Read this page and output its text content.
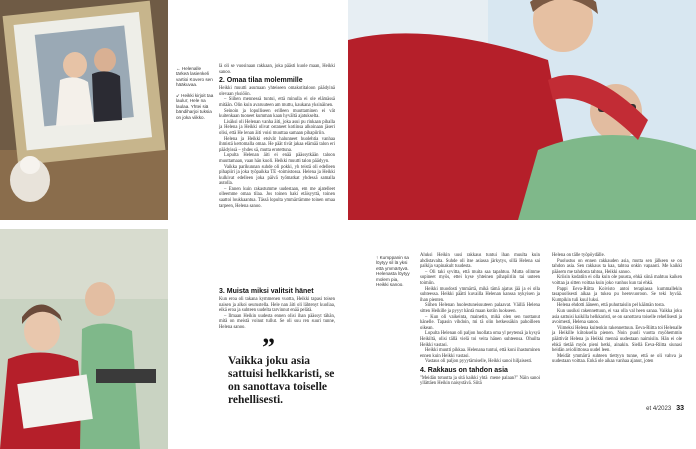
← Helenalle tärkeä lasienkeli vartioi Kovero sen hääkuvaa.
↙ Heikki kirjoit taa lauluт, Hele na laulaa. Yhtei siä bändiharjoi tuksia on joka viikko.
↑ Kumppanin sa löytyy sil lä yksi että ymmärtyvä. Helenasta löytyy molem pia, Heikki sanoo.

lä oli se vuosinaan rakkaan, joka päästi kuole maan, Heikki sanoo.

2. Omaa tilaa molemmille

Heikki muutti asumaan yhteiseen omakotitaloon päädyinä olevaan yksiöön.

– Siihen mennessä tuntui, että minulla ei ole elämässä mitään. Olin kuin avaruuteen am muttu, kaukana yksinäinen.

Seinoin ja lopulliseen erilleen muuttaminen ei vät kuitenkaan tuoneet kumman kaan hyvältä ajatukselta.

Lisäksi oli Helenan vanha äiti, joka asui pu rinkaan pihalla ja Helena ja Heikki olivat ostaneet kotiinsa alkoinaan jäseri olisi, että He lenan äiti voisi muuttaa samaan pihapiiriin.

Helena ja Heikki etsivät halunneet huolehtia vanhaa ihmistä kertomalla omaa. He päät tivät jakaa elämää talon eri päädyissä – yhdes sä, mutta erotettuna.

Lopulta Helenan äiti ei enää päässytkään taloon muuttamaan, vaan hän kuoli. Heikki muutti talon päädyyn.

Vaikka parikunnan suhde oli pokki, yh teistä oli edelleen pihapiiri ja joka työpaikka TE -toimistossa. Helena ja Heikki kulkivat edelleen joka päivä työmatkat yhdessä samalla autolla.

– Ennen kuin rakastumme uudestaan, em me ajatelleet olleemme omaa tilaa. Jos toinen haki etäisyyttä, toinen saattoi loukkaantua. Tässä lopulta ymmärrämme toinen omaa tarpeen, Helena sanoo.

3. Muista miksi valitsit hänet

Kun eroa oli takana kymmenen vuotta, Heikki tapasi toisen naisen ja alkoi seurustella. Hele nan äiti oli lähtenyt kuoliaa, eikä eroa ja suhteen uudelta tarvinnut enää pelätä.

– Ilmaan Heikin uudesta ennen olisi ihan päässyt tähän, mitä on meistä voinut tullut. Se oli suu ren suuri tunne, Helena sanoo.

”
Vaikka joku asia sattuisi helkkaristi, se on sanottava toiselle rehellisesti.

Aluksi Heikin uusi rakkaus tuntui ihan muulta kuin ahdistavalta. Suhde oli itse asiassa järkytys, sillä Helena sai palkija vapinakult tuudesta.

– Oli taki syvitta, että muita saa tapahtuu. Mutta olimme sopineet myös, ettei kyse yhteinen pihapiiriin tai uuteen toimiin.

Heikki muodosti ymmärtä, mikä tämä ajatus jää ja ei olla suhteessa. Heikki päätti kuvailla Helenan kanssa nykyisen ja ihan pienten.

Siihen Helenan huolestuneisuuteen palaavat. Väillä Helena sitten Heikille ja pyyyt häntä maan kotiin luokseen.

– Kun oli vaikeinta, mainetin, mikä olen sen tuottanut hänelle. Tapasin vihdoin, mi tä olin hetkessäkin pahoilleen oikean.

Lopulta Helenan oli paljon huollata oma yl peytensä ja kysyä Heikiltä, olisi tällä vielä toi veita hänen suhteensa. Ohuilta Heikki vastasi.

Heikki muutti pikkaa. Helenana tuntui, että koni ihastuminen ennen kuin Heikki vastasi.

Vastaus oli paljon pyyytämiselle, Heikki sanoi hiljaisesti.

4. Rakkaus on tahdon asia

"Meidän totuutta ja sitä kaikki yhtä mene palaan?" Näin sanoi yllättäen Heikin naisystävä. Siitä

Helena on tälle työpöydälle.

Puolustus on ennen rakkauden asia, mutta sen jälkeen se on tahdon asia. Sen rakkaus ta kaa, tahtoa onkin vapaasti. Me kaikki pääsem me tahdosta tahtoa, Heikki sanoo.

Kriisin kodatiin ei olla kuin ole puusta, ehkä siinä mahtuu kaiken voittaa ja sitten voittaa kuin joko vanhus kun tai ehkä.

Pappi Eeva-Riitta Koivisto antoi terapiassa kummallekin tasapuolisesti aikaa ja tukea pu heenvuoroon. Se teki hyvää. Kumpikin tuli kuul luksi.

Helena ehdotti ääneen, että puhuttaisiin pel käämän tosta.

Kun uusiksi rakennettuun, ei vaa olla val heen sanaa. Vaikka joku asia sattuisi kaikilla helkkaristi, se on sanottava toiselle rehellisesti ja avoimesti, Helena sanoo.

Viimeksi Helena kuitenkin rakennettuun. Eeva-Riitta toi Helenalle ja Heikille kiitoksella pienen. Noin puoli vuotta myöhemmin päättivät Helena ja Heikki mennä uudestaan naimisiin. Hän ei ole ehkä tietää myös pieni hetki, ainakin. Siellä Eeva-Riitta siunasi heidän avioliittonsa uudel leen.

Meidät ymmärrä suhteen tiettyyn tunne, että se oli vahva ja uudestaan voittaa. Enkä ole aikaa vanhaa ajanut, joten

et 4/2023 33
